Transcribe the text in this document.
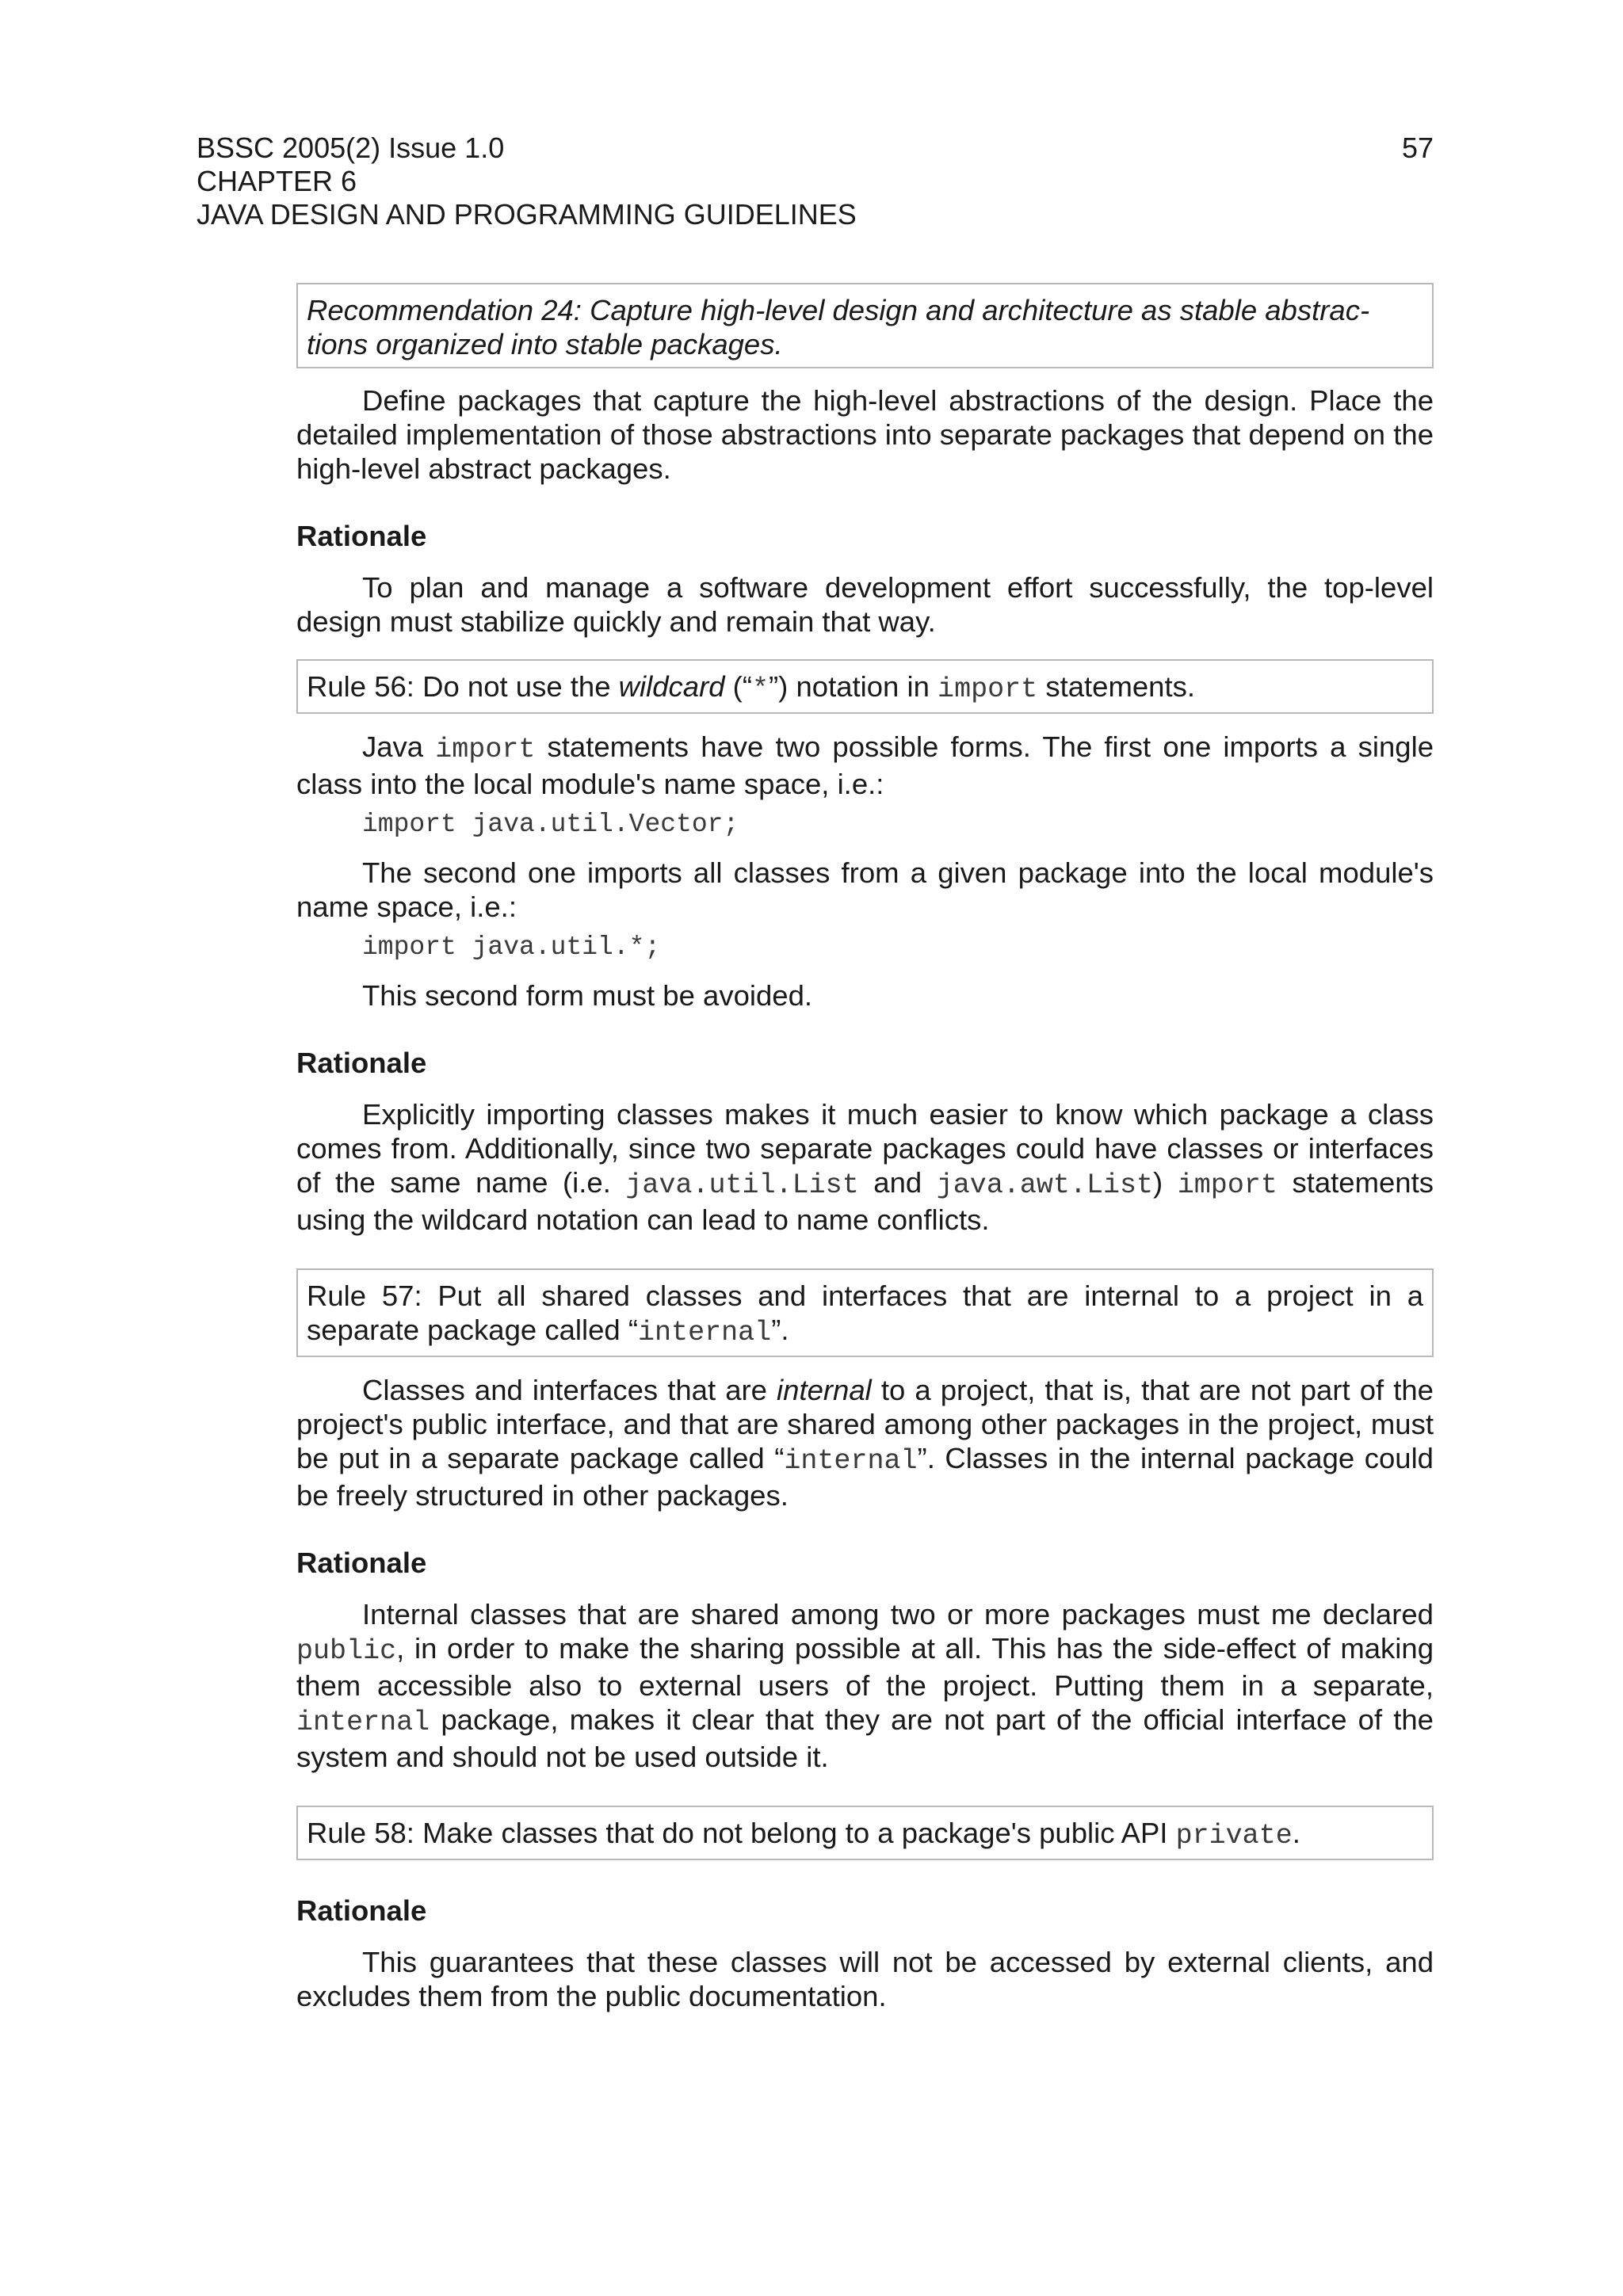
BSSC 2005(2) Issue 1.0
CHAPTER 6
JAVA DESIGN AND PROGRAMMING GUIDELINES
57
Recommendation 24: Capture high-level design and architecture as stable abstrac-
tions organized into stable packages.

Define packages that capture the high-level abstractions of the design. Place the detailed implementation of those abstractions into separate packages that depend on the high-level abstract packages.

Rationale

To plan and manage a software development effort successfully, the top-level design must stabilize quickly and remain that way.

Rule 56: Do not use the wildcard (“*”) notation in import statements.

Java import statements have two possible forms. The first one imports a single class into the local module's name space, i.e.:

import java.util.Vector;

The second one imports all classes from a given package into the local module's name space, i.e.:

import java.util.*;

This second form must be avoided.

Rationale

Explicitly importing classes makes it much easier to know which package a class comes from. Additionally, since two separate packages could have classes or interfaces of the same name (i.e. java.util.List and java.awt.List) import statements using the wildcard notation can lead to name conflicts.

Rule 57: Put all shared classes and interfaces that are internal to a project in a separate package called “internal”.

Classes and interfaces that are internal to a project, that is, that are not part of the project's public interface, and that are shared among other packages in the project, must be put in a separate package called “internal”. Classes in the internal package could be freely structured in other packages.

Rationale

Internal classes that are shared among two or more packages must me declared public, in order to make the sharing possible at all. This has the side-effect of making them accessible also to external users of the project. Putting them in a separate, internal package, makes it clear that they are not part of the official interface of the system and should not be used outside it.

Rule 58: Make classes that do not belong to a package's public API private.

Rationale

This guarantees that these classes will not be accessed by external clients, and excludes them from the public documentation.
